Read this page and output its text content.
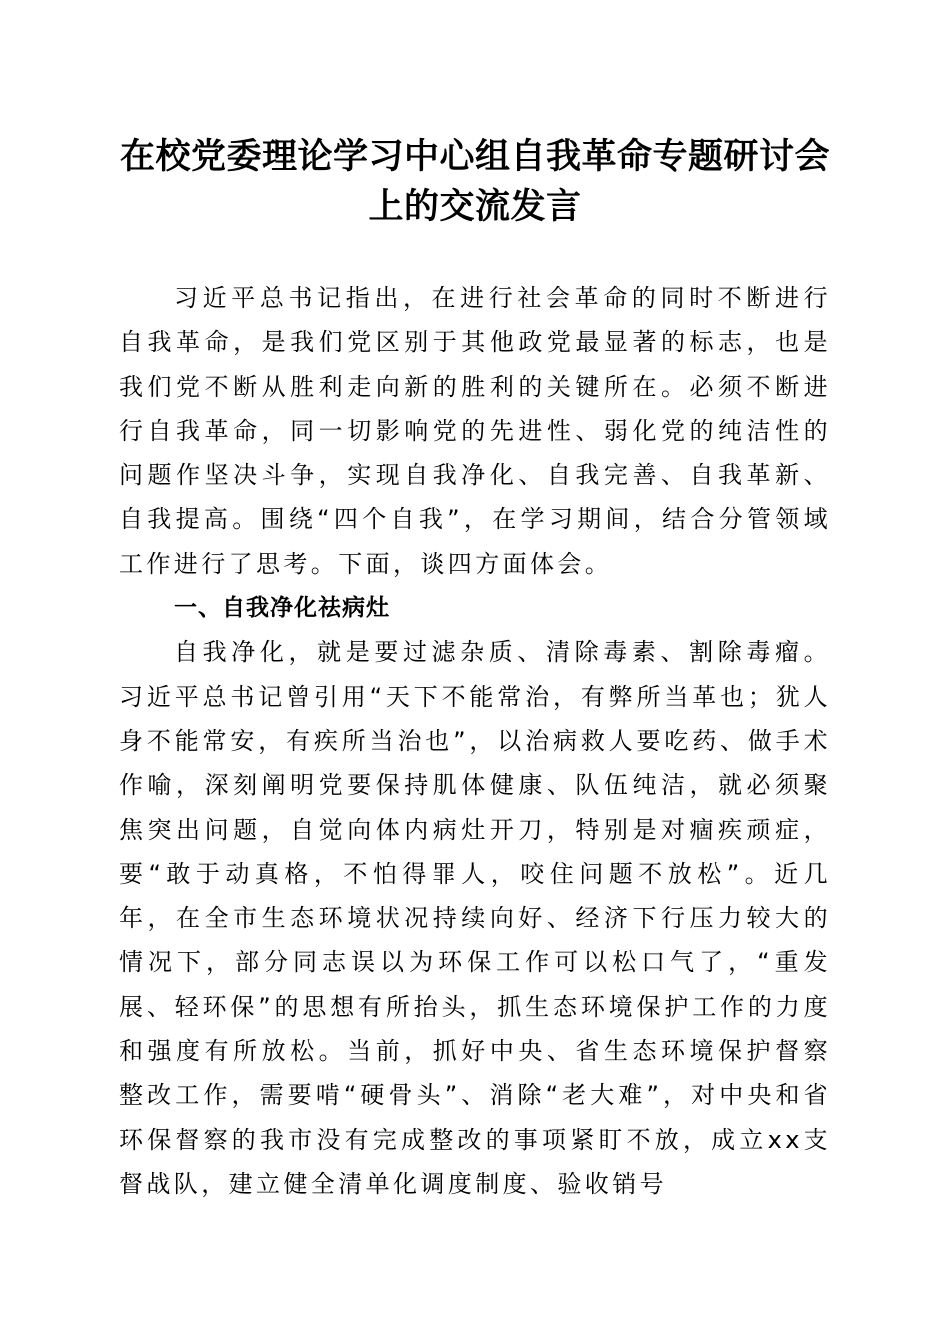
在校党委理论学习中心组自我革命专题研讨会
上的交流发言

习近平总书记指出，在进行社会革命的同时不断进行自我革命，是我们党区别于其他政党最显著的标志，也是我们党不断从胜利走向新的胜利的关键所在。必须不断进行自我革命，同一切影响党的先进性、弱化党的纯洁性的问题作坚决斗争，实现自我净化、自我完善、自我革新、自我提高。围绕“四个自我”，在学习期间，结合分管领域工作进行了思考。下面，谈四方面体会。

一、自我净化祛病灶

自我净化，就是要过滤杂质、清除毒素、割除毒瘤。习近平总书记曾引用“天下不能常治，有弊所当革也；犹人身不能常安，有疾所当治也”，以治病救人要吃药、做手术作喻，深刻阐明党要保持肌体健康、队伍纯洁，就必须聚焦突出问题，自觉向体内病灶开刀，特别是对痼疾顽症，要“敢于动真格，不怕得罪人，咬住问题不放松”。近几年，在全市生态环境状况持续向好、经济下行压力较大的情况下，部分同志误以为环保工作可以松口气了，“重发展、轻环保”的思想有所抬头，抓生态环境保护工作的力度和强度有所放松。当前，抓好中央、省生态环境保护督察整改工作，需要啃“硬骨头”、消除“老大难”，对中央和省环保督察的我市没有完成整改的事项紧盯不放，成立xx支督战队，建立健全清单化调度制度、验收销号
